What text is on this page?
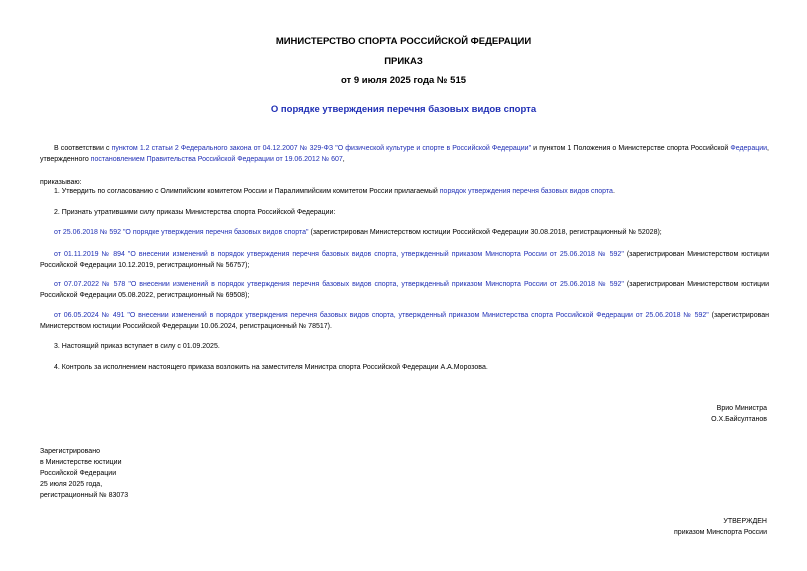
МИНИСТЕРСТВО СПОРТА РОССИЙСКОЙ ФЕДЕРАЦИИ
ПРИКАЗ
от 9 июля 2025 года № 515
О порядке утверждения перечня базовых видов спорта
В соответствии с пунктом 1.2 статьи 2 Федерального закона от 04.12.2007 № 329-ФЗ "О физической культуре и спорте в Российской Федерации" и пунктом 1 Положения о Министерстве спорта Российской Федерации, утвержденного постановлением Правительства Российской Федерации от 19.06.2012 № 607,
приказываю:
1. Утвердить по согласованию с Олимпийским комитетом России и Паралимпийским комитетом России прилагаемый порядок утверждения перечня базовых видов спорта.
2. Признать утратившими силу приказы Министерства спорта Российской Федерации:
от 25.06.2018 № 592 "О порядке утверждения перечня базовых видов спорта" (зарегистрирован Министерством юстиции Российской Федерации 30.08.2018, регистрационный № 52028);
от 01.11.2019 № 894 "О внесении изменений в порядок утверждения перечня базовых видов спорта, утвержденный приказом Минспорта России от 25.06.2018 № 592" (зарегистрирован Министерством юстиции Российской Федерации 10.12.2019, регистрационный № 56757);
от 07.07.2022 № 578 "О внесении изменений в порядок утверждения перечня базовых видов спорта, утвержденный приказом Минспорта России от 25.06.2018 № 592" (зарегистрирован Министерством юстиции Российской Федерации 05.08.2022, регистрационный № 69508);
от 06.05.2024 № 491 "О внесении изменений в порядок утверждения перечня базовых видов спорта, утвержденный приказом Министерства спорта Российской Федерации от 25.06.2018 № 592" (зарегистрирован Министерством юстиции Российской Федерации 10.06.2024, регистрационный № 78517).
3. Настоящий приказ вступает в силу с 01.09.2025.
4. Контроль за исполнением настоящего приказа возложить на заместителя Министра спорта Российской Федерации А.А.Морозова.
Врио Министра
О.Х.Байсултанов
Зарегистрировано
в Министерстве юстиции
Российской Федерации
25 июля 2025 года,
регистрационный № 83073
УТВЕРЖДЕН
приказом Минспорта России
